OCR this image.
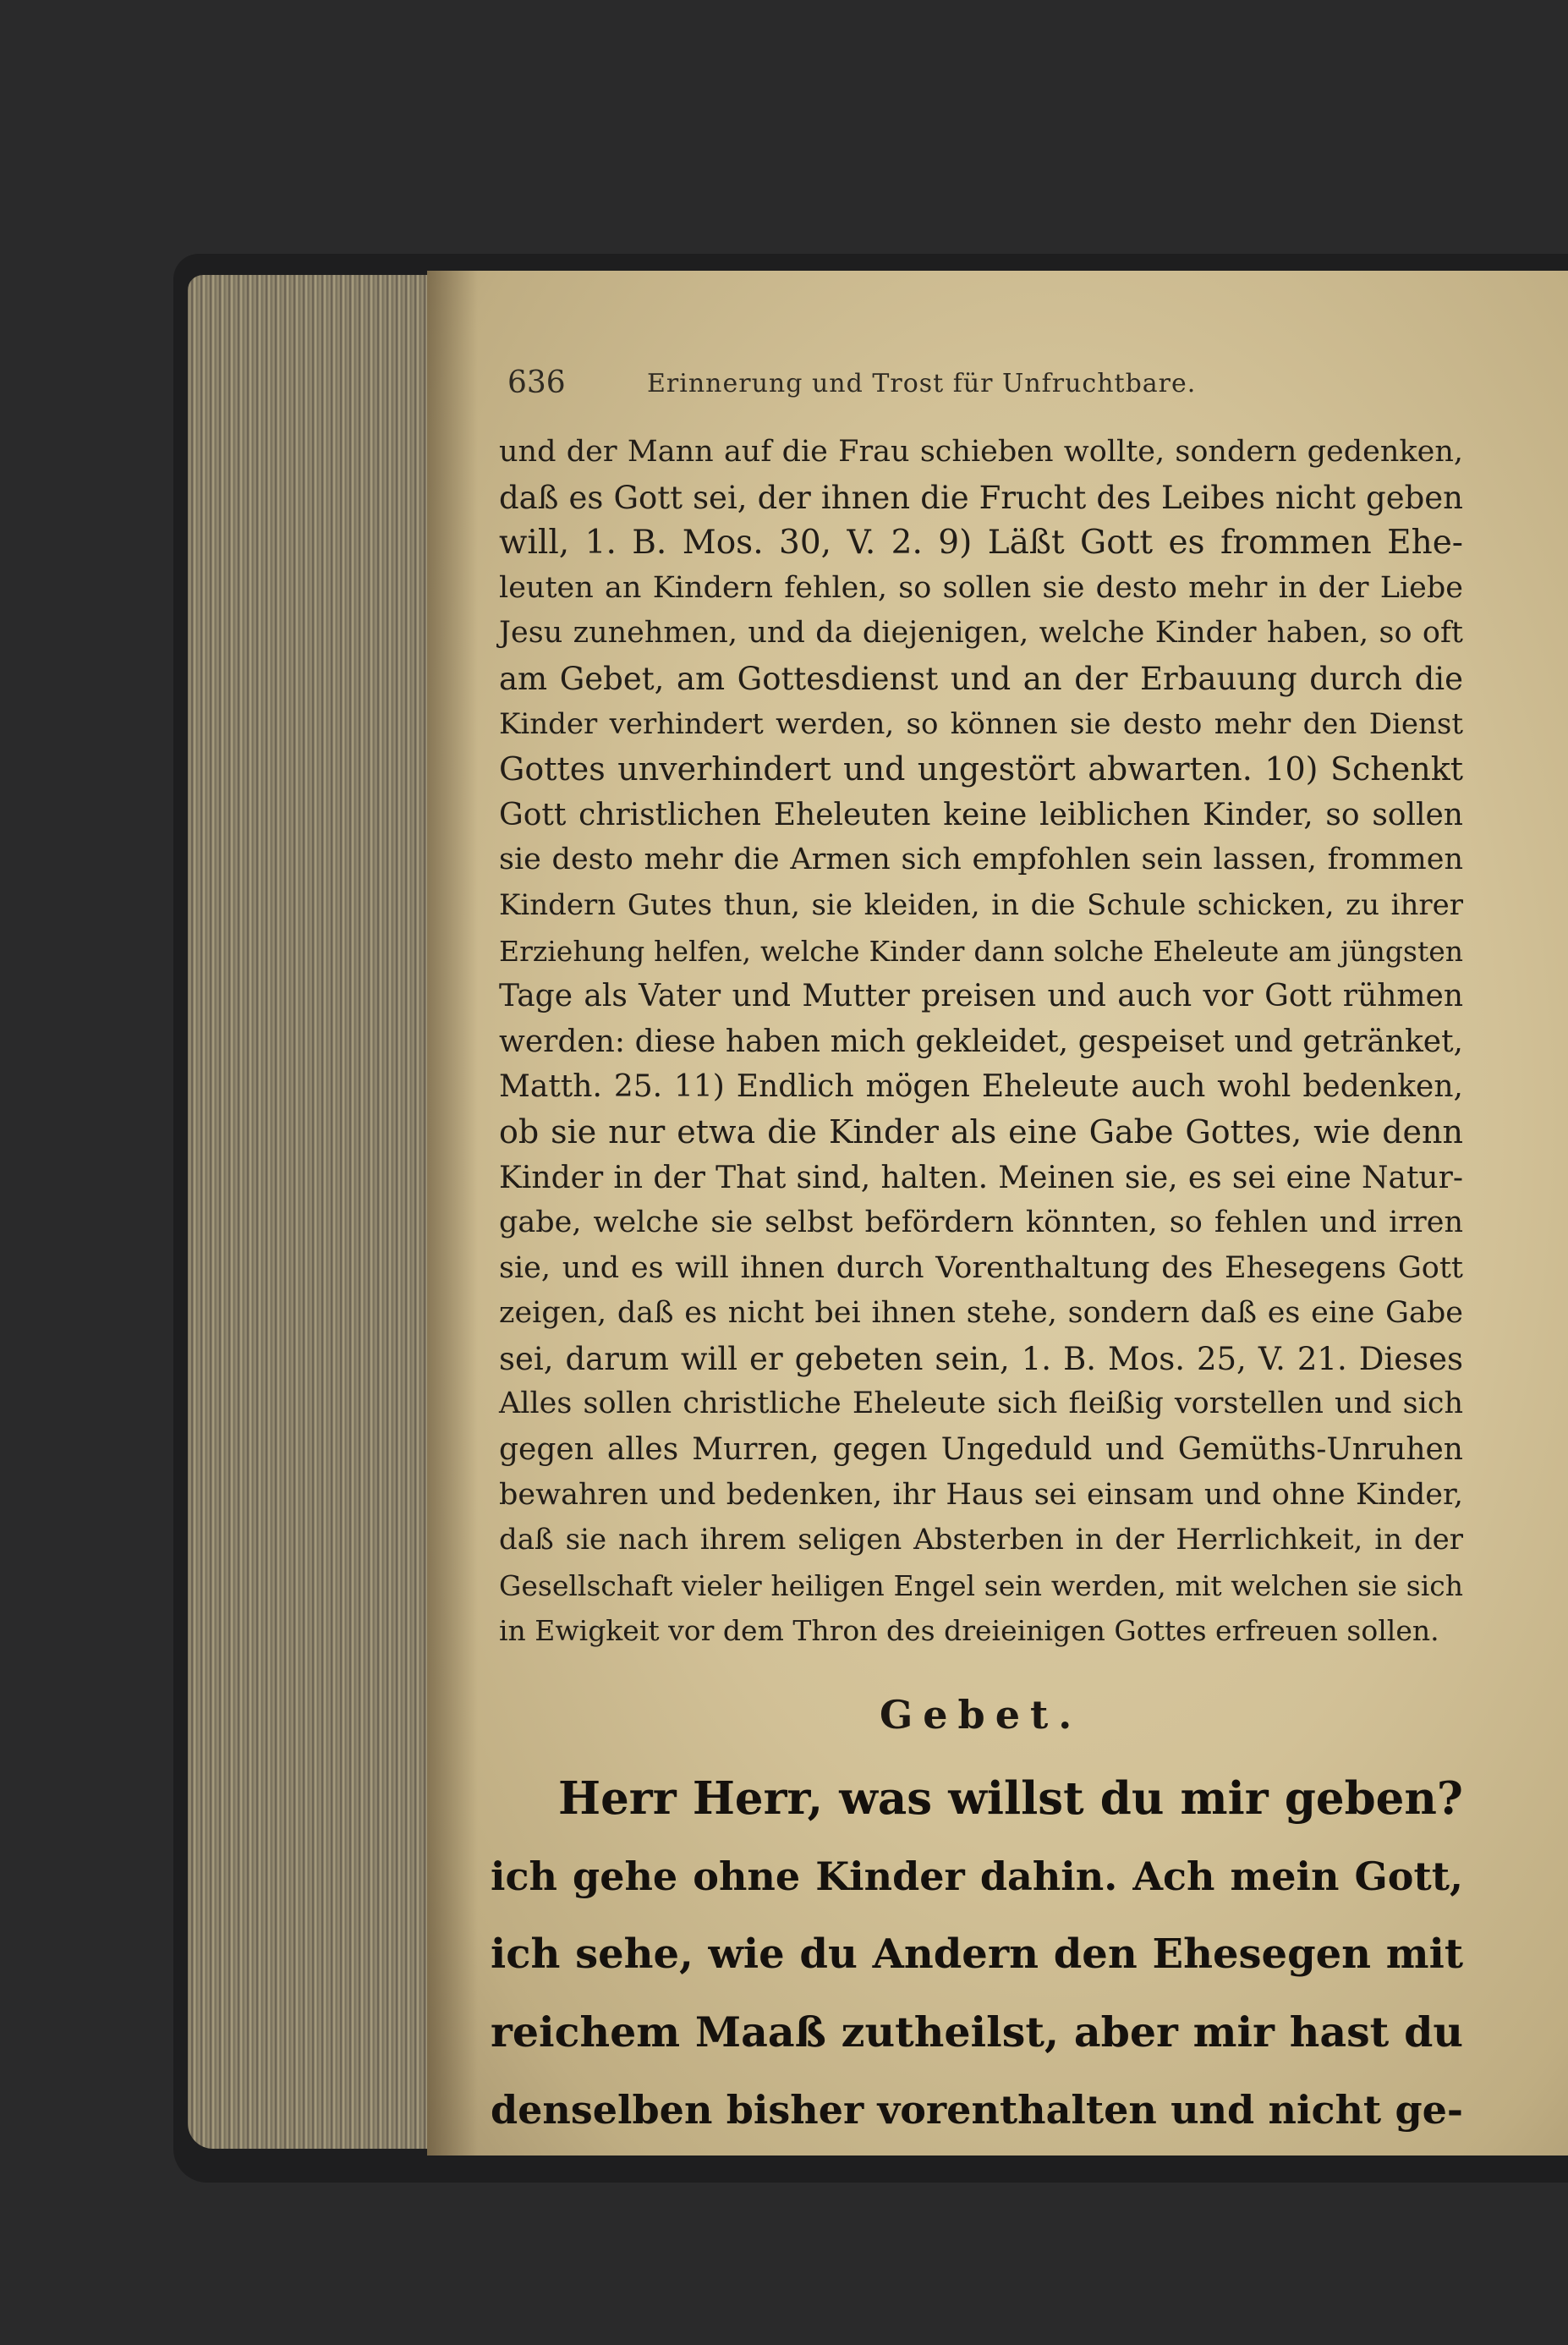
636	Erinnerung und Trost für Unfruchtbare.
und der Mann auf die Frau schieben wollte, sondern gedenken,
daß es Gott sei, der ihnen die Frucht des Leibes nicht geben
will, 1. B. Mos. 30, V. 2. 9) Läßt Gott es frommen Ehe-
leuten an Kindern fehlen, so sollen sie desto mehr in der Liebe
Jesu zunehmen, und da diejenigen, welche Kinder haben, so oft
am Gebet, am Gottesdienst und an der Erbauung durch die
Kinder verhindert werden, so können sie desto mehr den Dienst
Gottes unverhindert und ungestört abwarten. 10) Schenkt
Gott christlichen Eheleuten keine leiblichen Kinder, so sollen
sie desto mehr die Armen sich empfohlen sein lassen, frommen
Kindern Gutes thun, sie kleiden, in die Schule schicken, zu ihrer
Erziehung helfen, welche Kinder dann solche Eheleute am jüngsten
Tage als Vater und Mutter preisen und auch vor Gott rühmen
werden: diese haben mich gekleidet, gespeiset und getränket,
Matth. 25. 11) Endlich mögen Eheleute auch wohl bedenken,
ob sie nur etwa die Kinder als eine Gabe Gottes, wie denn
Kinder in der That sind, halten. Meinen sie, es sei eine Natur-
gabe, welche sie selbst befördern könnten, so fehlen und irren
sie, und es will ihnen durch Vorenthaltung des Ehesegens Gott
zeigen, daß es nicht bei ihnen stehe, sondern daß es eine Gabe
sei, darum will er gebeten sein, 1. B. Mos. 25, V. 21. Dieses
Alles sollen christliche Eheleute sich fleißig vorstellen und sich
gegen alles Murren, gegen Ungeduld und Gemüths-Unruhen
bewahren und bedenken, ihr Haus sei einsam und ohne Kinder,
daß sie nach ihrem seligen Absterben in der Herrlichkeit, in der
Gesellschaft vieler heiligen Engel sein werden, mit welchen sie sich
in Ewigkeit vor dem Thron des dreieinigen Gottes erfreuen sollen.
Gebet.
Herr Herr, was willst du mir geben?
ich gehe ohne Kinder dahin. Ach mein Gott,
ich sehe, wie du Andern den Ehesegen mit
reichem Maaß zutheilst, aber mir hast du
denselben bisher vorenthalten und nicht ge-
